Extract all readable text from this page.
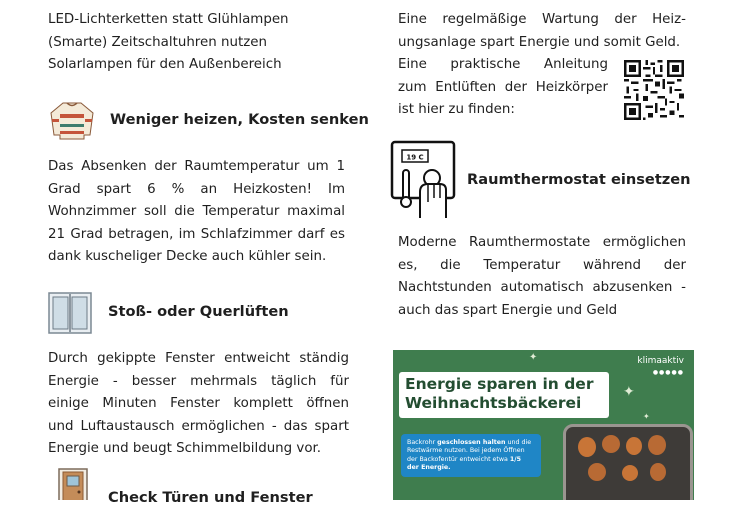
LED-Lichterketten statt Glühlampen
(Smarte) Zeitschaltuhren nutzen
Solarlampen für den Außenbereich
Weniger heizen, Kosten senken
Das Absenken der Raumtemperatur um 1
Grad spart 6 % an Heizkosten! Im
Wohnzimmer soll die Temperatur maximal
21 Grad betragen, im Schlafzimmer darf es
dank kuscheliger Decke auch kühler sein.
Stoß- oder Querlüften
Durch gekippte Fenster entweicht ständig
Energie - besser mehrmals täglich für
einige Minuten Fenster komplett öffnen
und Luftaustausch ermöglichen - das spart
Energie und beugt Schimmelbildung vor.
Check Türen und Fenster
Eine regelmäßige Wartung der Heiz-
ungsanlage spart Energie und somit Geld.
Eine praktische Anleitung
zum Entlüften der Heizkörper
ist hier zu finden:
19 C
Raumthermostat einsetzen
Moderne Raumthermostate ermöglichen
es, die Temperatur während der
Nachtstunden automatisch abzusenken -
auch das spart Energie und Geld
klimaaktiv
●●●●●
✦
✦
✦
Energie sparen in der
Weihnachtsbäckerei
Backrohr geschlossen halten und die Restwärme nutzen. Bei jedem Öffnen der Backofentür entweicht etwa 1/5 der Energie.
